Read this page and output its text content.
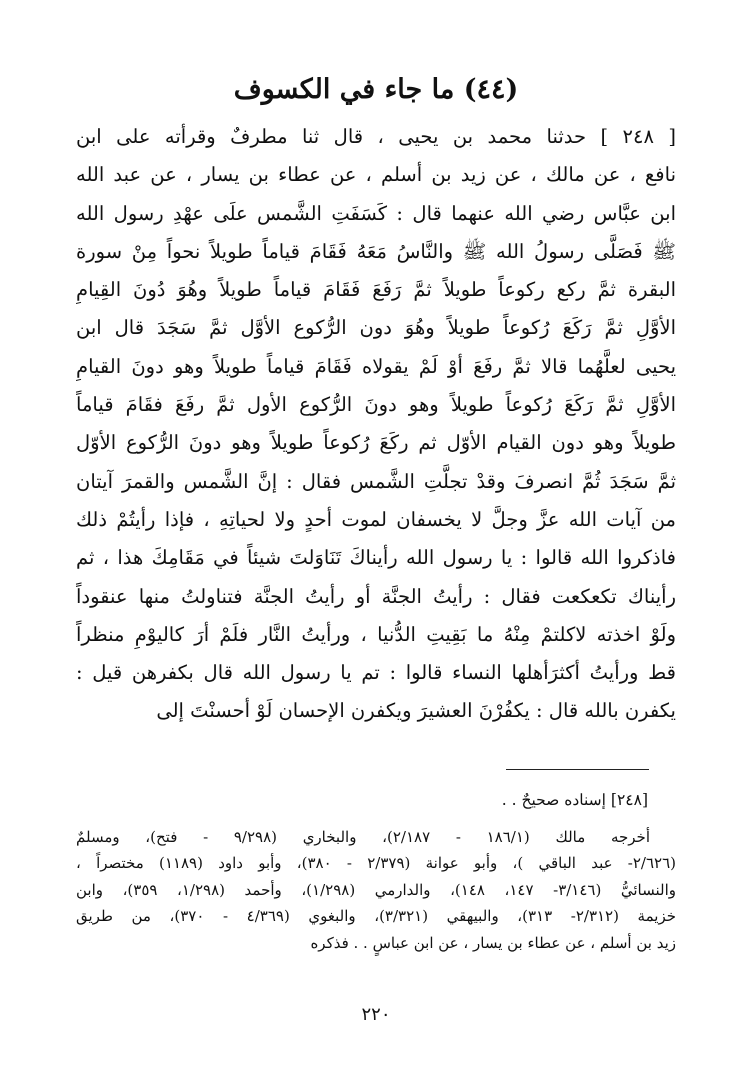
(٤٤) ما جاء في الكسوف
[ ٢٤٨ ] حدثنا محمد بن يحيى ، قال ثنا مطرفٌ وقرأته على ابن
نافع ، عن مالك ، عن زيد بن أسلم ، عن عطاء بن يسار ، عن عبد الله
ابن عبَّاس رضي الله عنهما قال : كَسَفَتِ الشَّمس علَى عهْدِ رسول الله
ﷺ فَصَلَّى رسولُ الله ﷺ والنَّاسُ مَعَهُ فَقَامَ قياماً طويلاً نحواً مِنْ سورة
البقرة ثمَّ ركع ركوعاً طويلاً ثمَّ رَفَعَ فَقَامَ قياماً طويلاً وهُوَ دُونَ القِيامِ
الأوَّلِ ثمَّ رَكَعَ رُكوعاً طويلاً وهُوَ دون الرُّكوع الأوَّل ثمَّ سَجَدَ قال ابن
يحيى لعلَّهُما قالا ثمَّ رفَعَ أوْ لَمْ يقولاه فَقَامَ قياماً طويلاً وهو دونَ القيامِ
الأوَّلِ ثمَّ رَكَعَ رُكوعاً طويلاً وهو دونَ الرُّكوع الأول ثمَّ رفَعَ فقَامَ قياماً
طويلاً وهو دون القيام الأوّل ثم ركَعَ رُكوعاً طويلاً وهو دونَ الرُّكوع الأوّل
ثمَّ سَجَدَ ثُمَّ انصرفَ وقدْ تجلَّتِ الشَّمس فقال : إنَّ الشَّمس والقمرَ آيتان
من آيات الله عزَّ وجلَّ لا يخسفان لموت أحدٍ ولا لحياتِهِ ، فإذا رأيتُمْ ذلك
فاذكروا الله قالوا : يا رسول الله رأيناكَ تَنَاوَلتَ شيئاً في مَقَامِكَ هذا ، ثم
رأيناك تكعكعت فقال : رأيتُ الجنَّة أو رأيتُ الجنَّة فتناولتُ منها عنقوداً
ولَوْ اخذته لاكلتمْ مِنْهُ ما بَقِيتِ الدُّنيا ، ورأيتُ النَّار فلَمْ أرَ كاليوْمِ منظراً
قط ورأيتُ أكثرَأهلها النساء قالوا : تم يا رسول الله قال بكفرهن قيل :
يكفرن بالله قال : يكفُرْنَ العشيرَ ويكفرن الإحسان لَوْ أحسنْتَ إلى
[٢٤٨] إسناده صحيحٌ . .
أخرجه مالك (١٨٦/١ - ٢/١٨٧)، والبخاري (٩/٢٩٨ - فتح)، ومسلمٌ
(٢/٦٢٦- عبد الباقي )، وأبو عوانة (٢/٣٧٩ - ٣٨٠)، وأبو داود (١١٨٩) مختصراً ،
والنسائيُّ (٣/١٤٦- ١٤٧، ١٤٨)، والدارمي (١/٢٩٨)، وأحمد (١/٢٩٨، ٣٥٩)، وابن
خزيمة (٢/٣١٢- ٣١٣)، والبيهقي (٣/٣٢١)، والبغوي (٤/٣٦٩ - ٣٧٠)، من طريق
زيد بن أسلم ، عن عطاء بن يسار ، عن ابن عباسٍ . . فذكره
٢٢٠
